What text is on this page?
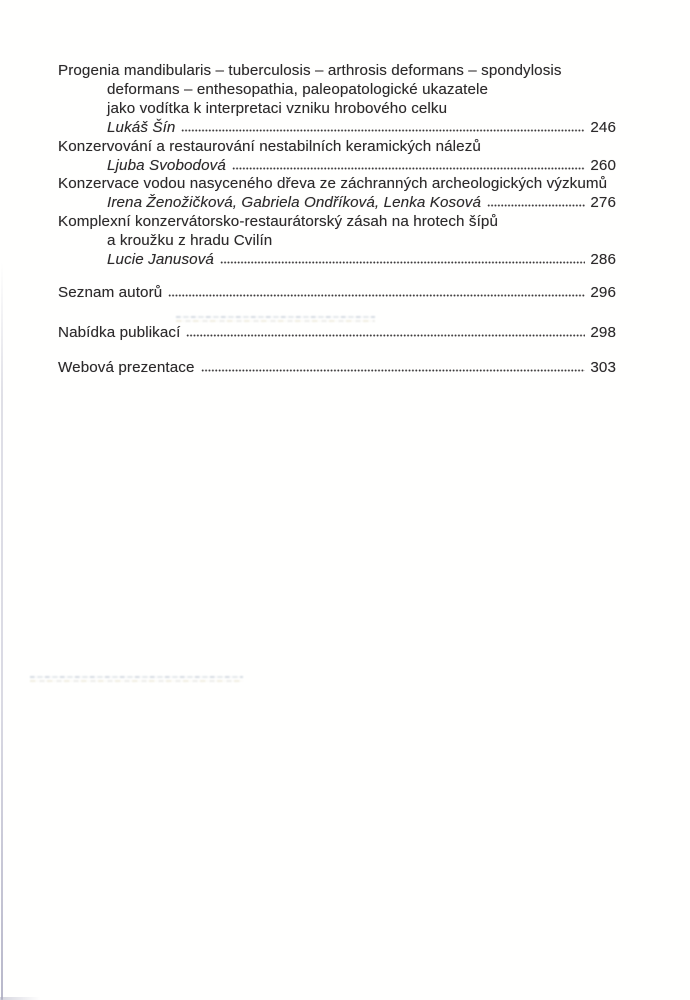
Progenia mandibularis – tuberculosis – arthrosis deformans – spondylosis
deformans – enthesopathia, paleopatologické ukazatele
jako vodítka k interpretaci vzniku hrobového celku
Lukáš Šín	246
Konzervování a restaurování nestabilních keramických nálezů
Ljuba Svobodová	260
Konzervace vodou nasyceného dřeva ze záchranných archeologických výzkumů
Irena Ženožičková, Gabriela Ondříková, Lenka Kosová	276
Komplexní konzervátorsko-restaurátorský zásah na hrotech šípů
a kroužku z hradu Cvilín
Lucie Janusová	286
Seznam autorů	296
Nabídka publikací	298
Webová prezentace	303
